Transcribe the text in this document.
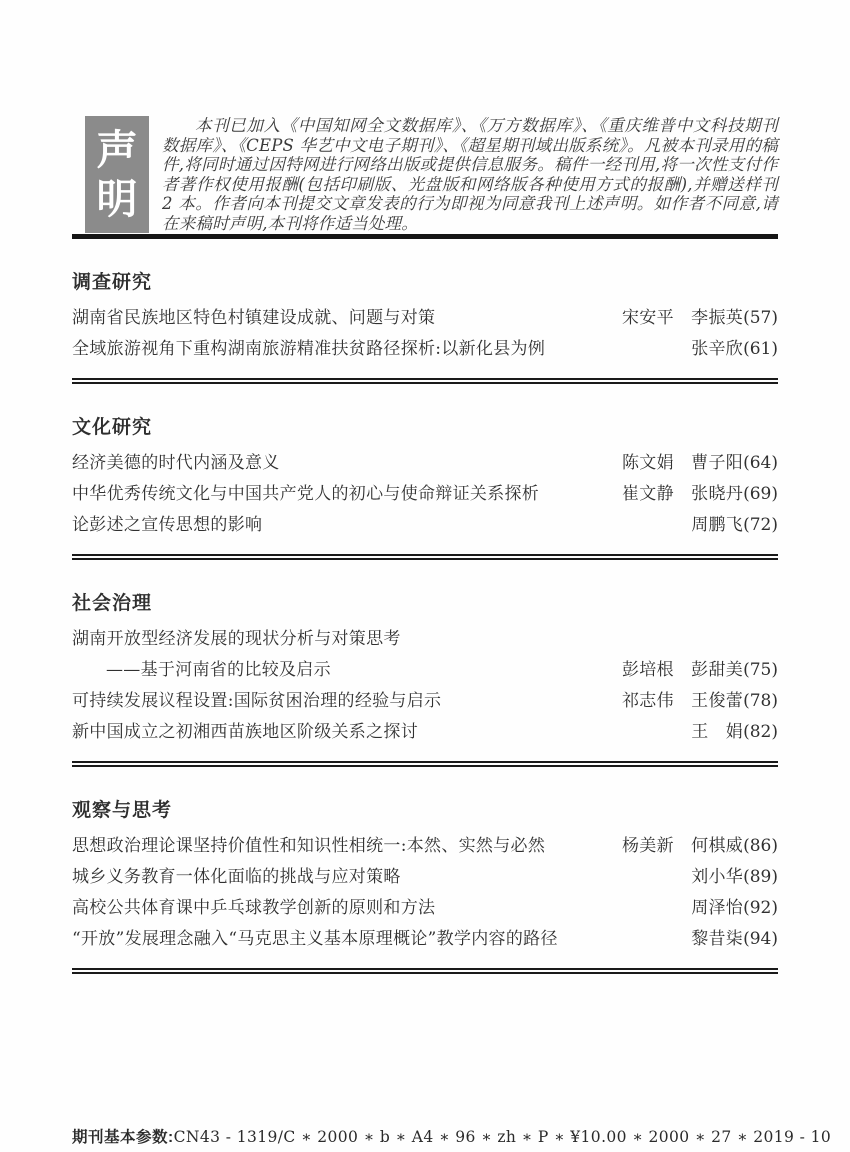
声
明
本刊已加入《中国知网全文数据库》、《万方数据库》、《重庆维普中文科技期刊数据库》、《CEPS 华艺中文电子期刊》、《超星期刊域出版系统》。凡被本刊录用的稿件,将同时通过因特网进行网络出版或提供信息服务。稿件一经刊用,将一次性支付作者著作权使用报酬(包括印刷版、光盘版和网络版各种使用方式的报酬),并赠送样刊 2 本。作者向本刊提交文章发表的行为即视为同意我刊上述声明。如作者不同意,请在来稿时声明,本刊将作适当处理。
调查研究
湖南省民族地区特色村镇建设成就、问题与对策	宋安平　李振英(57)
全域旅游视角下重构湖南旅游精准扶贫路径探析:以新化县为例	张辛欣(61)
文化研究
经济美德的时代内涵及意义	陈文娟　曹子阳(64)
中华优秀传统文化与中国共产党人的初心与使命辩证关系探析	崔文静　张晓丹(69)
论彭述之宣传思想的影响	周鹏飞(72)
社会治理
湖南开放型经济发展的现状分析与对策思考
——基于河南省的比较及启示	彭培根　彭甜美(75)
可持续发展议程设置:国际贫困治理的经验与启示	祁志伟　王俊蕾(78)
新中国成立之初湘西苗族地区阶级关系之探讨	王　娟(82)
观察与思考
思想政治理论课坚持价值性和知识性相统一:本然、实然与必然	杨美新　何棋威(86)
城乡义务教育一体化面临的挑战与应对策略	刘小华(89)
高校公共体育课中乒乓球教学创新的原则和方法	周泽怡(92)
“开放”发展理念融入“马克思主义基本原理概论”教学内容的路径	黎昔柒(94)
期刊基本参数:CN43 - 1319/C ∗ 2000 ∗ b ∗ A4 ∗ 96 ∗ zh ∗ P ∗ ¥10.00 ∗ 2000 ∗ 27 ∗ 2019 - 10
